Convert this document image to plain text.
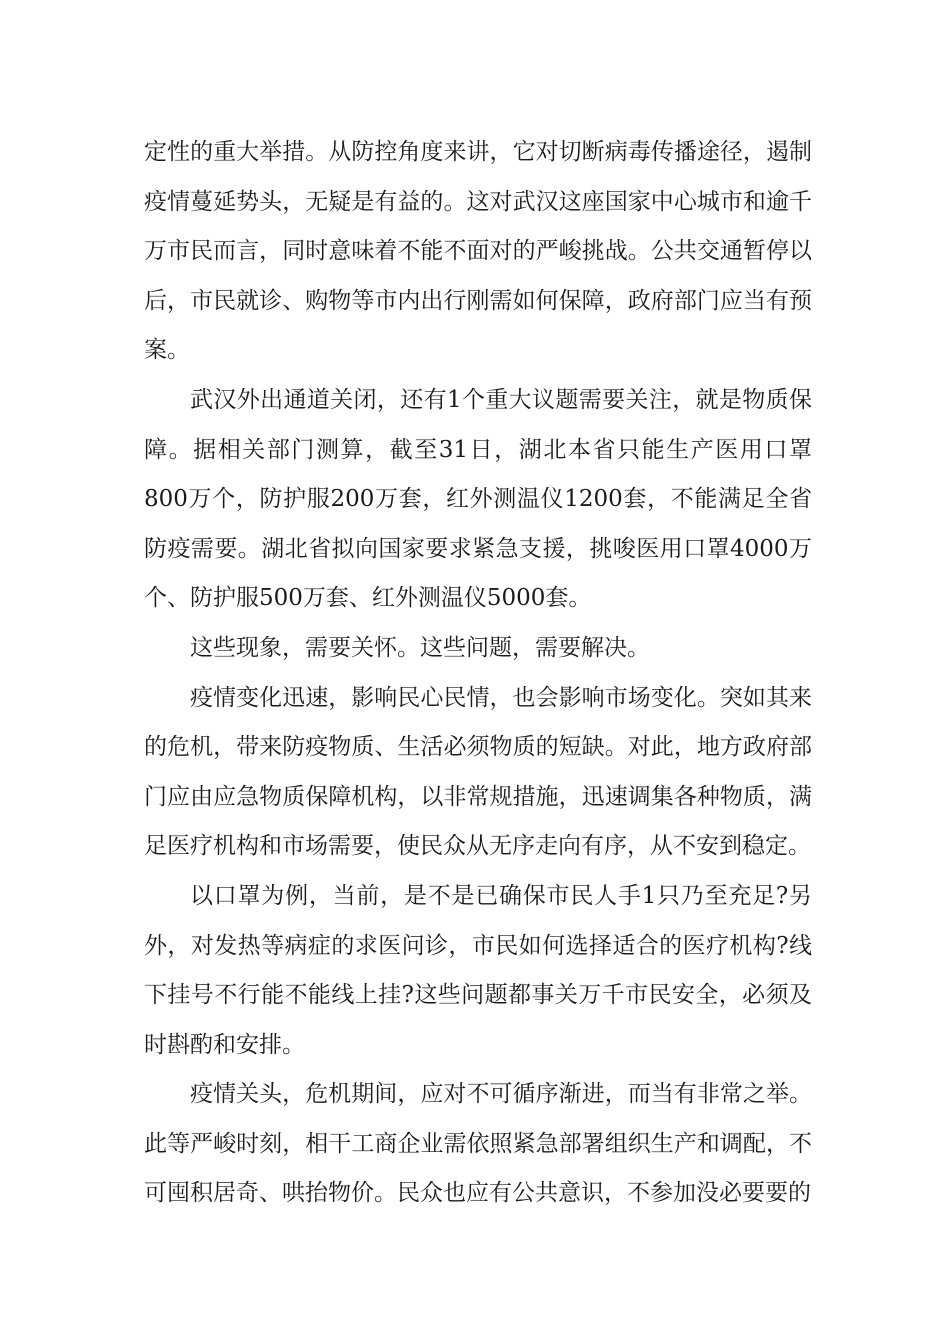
定性的重大举措。从防控角度来讲，它对切断病毒传播途径，遏制疫情蔓延势头，无疑是有益的。这对武汉这座国家中心城市和逾千万市民而言，同时意味着不能不面对的严峻挑战。公共交通暂停以后，市民就诊、购物等市内出行刚需如何保障，政府部门应当有预案。

武汉外出通道关闭，还有1个重大议题需要关注，就是物质保障。据相关部门测算，截至31日，湖北本省只能生产医用口罩800万个，防护服200万套，红外测温仪1200套，不能满足全省防疫需要。湖北省拟向国家要求紧急支援，挑唆医用口罩4000万个、防护服500万套、红外测温仪5000套。

这些现象，需要关怀。这些问题，需要解决。

疫情变化迅速，影响民心民情，也会影响市场变化。突如其来的危机，带来防疫物质、生活必须物质的短缺。对此，地方政府部门应由应急物质保障机构，以非常规措施，迅速调集各种物质，满足医疗机构和市场需要，使民众从无序走向有序，从不安到稳定。

以口罩为例，当前，是不是已确保市民人手1只乃至充足?另外，对发热等病症的求医问诊，市民如何选择适合的医疗机构?线下挂号不行能不能线上挂?这些问题都事关万千市民安全，必须及时斟酌和安排。

疫情关头，危机期间，应对不可循序渐进，而当有非常之举。此等严峻时刻，相干工商企业需依照紧急部署组织生产和调配，不可囤积居奇、哄抬物价。民众也应有公共意识，不参加没必要要的
